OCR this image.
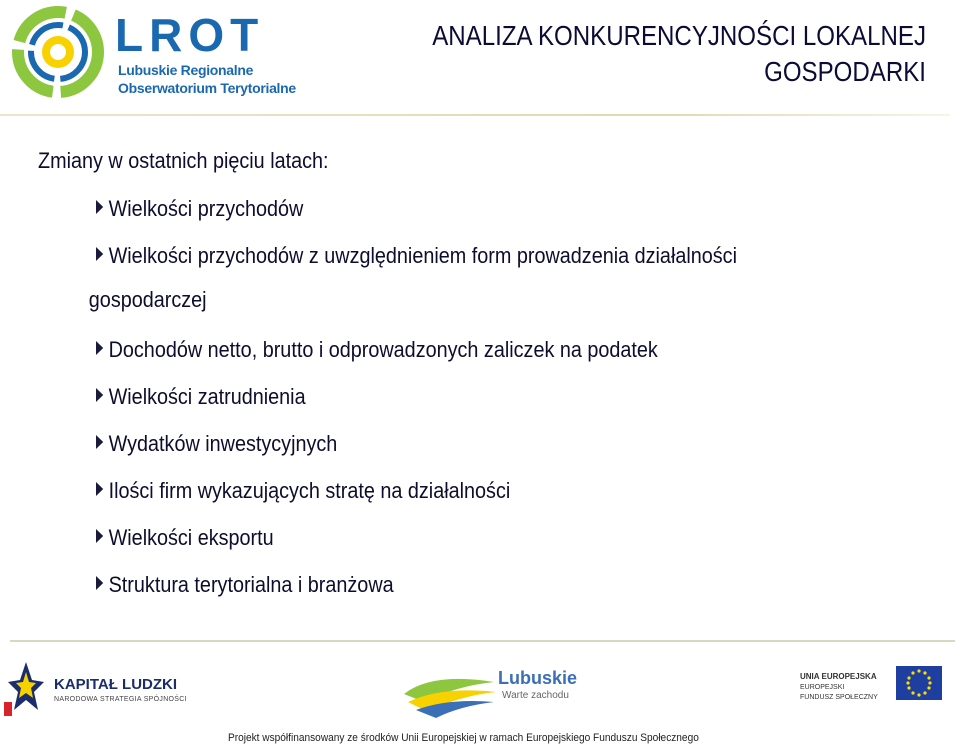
LROT
Lubuskie Regionalne
Obserwatorium Terytorialne
ANALIZA KONKURENCYJNOŚCI LOKALNEJ
GOSPODARKI
Zmiany w ostatnich pięciu latach:
Wielkości przychodów
Wielkości przychodów z uwzględnieniem form prowadzenia działalności
gospodarczej
Dochodów netto, brutto i odprowadzonych zaliczek na podatek
Wielkości zatrudnienia
Wydatków inwestycyjnych
Ilości firm wykazujących stratę na działalności
Wielkości eksportu
Struktura terytorialna i branżowa
KAPITAŁ LUDZKI
NARODOWA STRATEGIA SPÓJNOŚCI
Lubuskie
Warte zachodu
UNIA EUROPEJSKA
EUROPEJSKI
FUNDUSZ SPOŁECZNY
Projekt współfinansowany ze środków Unii Europejskiej w ramach Europejskiego Funduszu Społecznego
